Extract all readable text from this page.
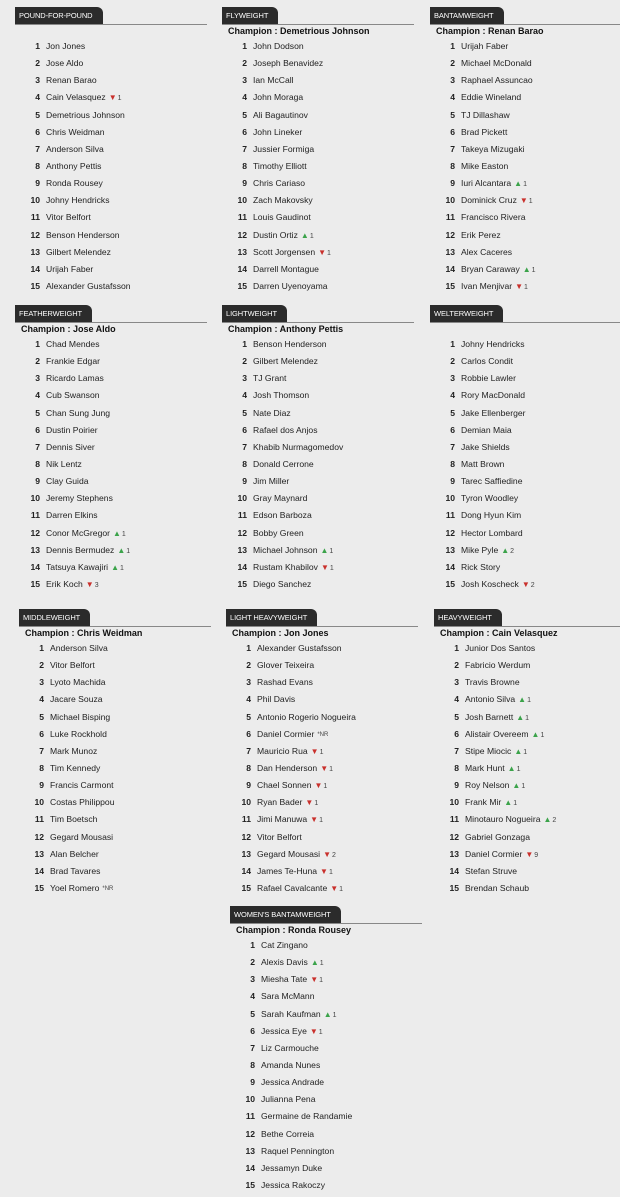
POUND-FOR-POUND
1 Jon Jones
2 Jose Aldo
3 Renan Barao
4 Cain Velasquez ▼ 1
5 Demetrious Johnson
6 Chris Weidman
7 Anderson Silva
8 Anthony Pettis
9 Ronda Rousey
10 Johny Hendricks
11 Vitor Belfort
12 Benson Henderson
13 Gilbert Melendez
14 Urijah Faber
15 Alexander Gustafsson
FLYWEIGHT
Champion : Demetrious Johnson
1 John Dodson
2 Joseph Benavidez
3 Ian McCall
4 John Moraga
5 Ali Bagautinov
6 John Lineker
7 Jussier Formiga
8 Timothy Elliott
9 Chris Cariaso
10 Zach Makovsky
11 Louis Gaudinot
12 Dustin Ortiz ▲ 1
13 Scott Jorgensen ▼ 1
14 Darrell Montague
15 Darren Uyenoyama
BANTAMWEIGHT
Champion : Renan Barao
1 Urijah Faber
2 Michael McDonald
3 Raphael Assuncao
4 Eddie Wineland
5 TJ Dillashaw
6 Brad Pickett
7 Takeya Mizugaki
8 Mike Easton
9 Iuri Alcantara ▲ 1
10 Dominick Cruz ▼ 1
11 Francisco Rivera
12 Erik Perez
13 Alex Caceres
14 Bryan Caraway ▲ 1
15 Ivan Menjivar ▼ 1
FEATHERWEIGHT
Champion : Jose Aldo
1 Chad Mendes
2 Frankie Edgar
3 Ricardo Lamas
4 Cub Swanson
5 Chan Sung Jung
6 Dustin Poirier
7 Dennis Siver
8 Nik Lentz
9 Clay Guida
10 Jeremy Stephens
11 Darren Elkins
12 Conor McGregor ▲ 1
13 Dennis Bermudez ▲ 1
14 Tatsuya Kawajiri ▲ 1
15 Erik Koch ▼ 3
LIGHTWEIGHT
Champion : Anthony Pettis
1 Benson Henderson
2 Gilbert Melendez
3 TJ Grant
4 Josh Thomson
5 Nate Diaz
6 Rafael dos Anjos
7 Khabib Nurmagomedov
8 Donald Cerrone
9 Jim Miller
10 Gray Maynard
11 Edson Barboza
12 Bobby Green
13 Michael Johnson ▲ 1
14 Rustam Khabilov ▼ 1
15 Diego Sanchez
WELTERWEIGHT
1 Johny Hendricks
2 Carlos Condit
3 Robbie Lawler
4 Rory MacDonald
5 Jake Ellenberger
6 Demian Maia
7 Jake Shields
8 Matt Brown
9 Tarec Saffiedine
10 Tyron Woodley
11 Dong Hyun Kim
12 Hector Lombard
13 Mike Pyle ▲ 2
14 Rick Story
15 Josh Koscheck ▼ 2
MIDDLEWEIGHT
Champion : Chris Weidman
1 Anderson Silva
2 Vitor Belfort
3 Lyoto Machida
4 Jacare Souza
5 Michael Bisping
6 Luke Rockhold
7 Mark Munoz
8 Tim Kennedy
9 Francis Carmont
10 Costas Philippou
11 Tim Boetsch
12 Gegard Mousasi
13 Alan Belcher
14 Brad Tavares
15 Yoel Romero *NR
LIGHT HEAVYWEIGHT
Champion : Jon Jones
1 Alexander Gustafsson
2 Glover Teixeira
3 Rashad Evans
4 Phil Davis
5 Antonio Rogerio Nogueira
6 Daniel Cormier *NR
7 Mauricio Rua ▼ 1
8 Dan Henderson ▼ 1
9 Chael Sonnen ▼ 1
10 Ryan Bader ▼ 1
11 Jimi Manuwa ▼ 1
12 Vitor Belfort
13 Gegard Mousasi ▼ 2
14 James Te-Huna ▼ 1
15 Rafael Cavalcante ▼ 1
HEAVYWEIGHT
Champion : Cain Velasquez
1 Junior Dos Santos
2 Fabricio Werdum
3 Travis Browne
4 Antonio Silva ▲ 1
5 Josh Barnett ▲ 1
6 Alistair Overeem ▲ 1
7 Stipe Miocic ▲ 1
8 Mark Hunt ▲ 1
9 Roy Nelson ▲ 1
10 Frank Mir ▲ 1
11 Minotauro Nogueira ▲ 2
12 Gabriel Gonzaga
13 Daniel Cormier ▼ 9
14 Stefan Struve
15 Brendan Schaub
WOMEN'S BANTAMWEIGHT
Champion : Ronda Rousey
1 Cat Zingano
2 Alexis Davis ▲ 1
3 Miesha Tate ▼ 1
4 Sara McMann
5 Sarah Kaufman ▲ 1
6 Jessica Eye ▼ 1
7 Liz Carmouche
8 Amanda Nunes
9 Jessica Andrade
10 Julianna Pena
11 Germaine de Randamie
12 Bethe Correia
13 Raquel Pennington
14 Jessamyn Duke
15 Jessica Rakoczy
